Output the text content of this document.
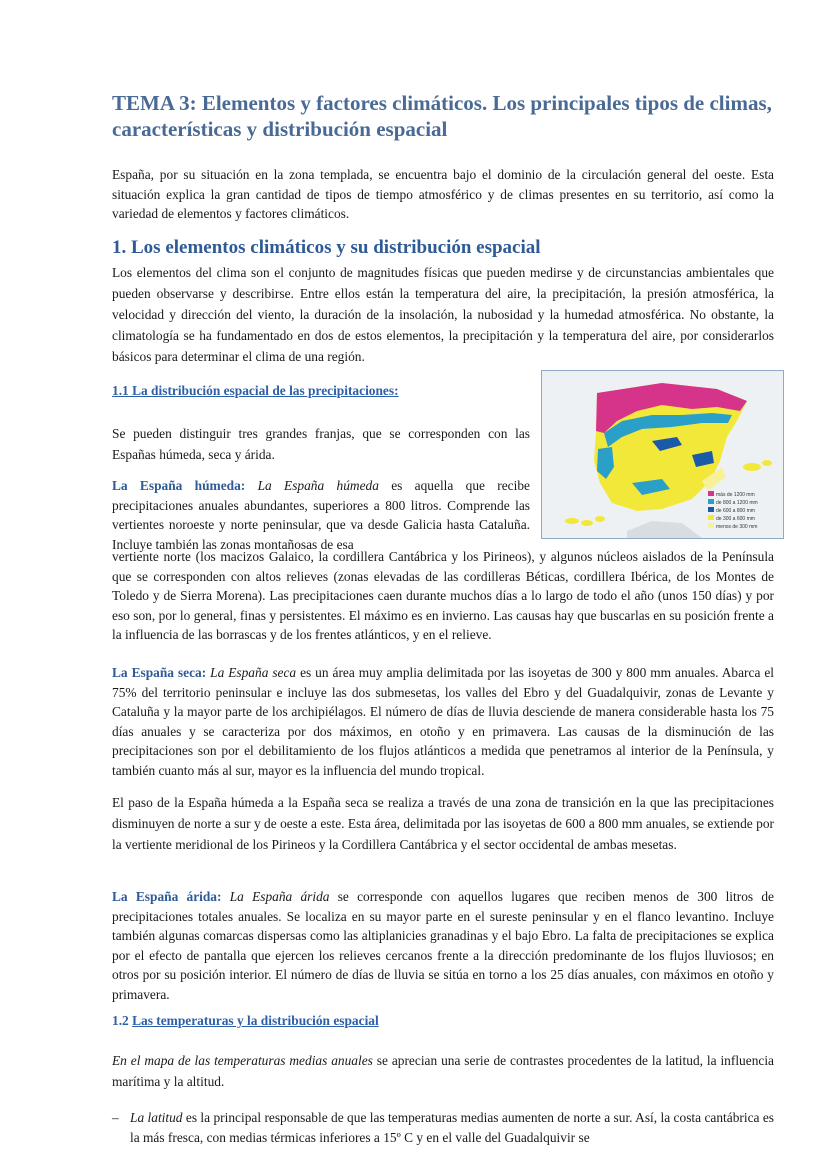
TEMA 3: Elementos y factores climáticos. Los principales tipos de climas, características y distribución espacial

España, por su situación en la zona templada, se encuentra bajo el dominio de la circulación general del oeste. Esta situación explica la gran cantidad de tipos de tiempo atmosférico y de climas presentes en su territorio, así como la variedad de elementos y factores climáticos.

1. Los elementos climáticos y su distribución espacial

Los elementos del clima son el conjunto de magnitudes físicas que pueden medirse y de circunstancias ambientales que pueden observarse y describirse. Entre ellos están la temperatura del aire, la precipitación, la presión atmosférica, la velocidad y dirección del viento, la duración de la insolación, la nubosidad y la humedad atmosférica. No obstante, la climatología se ha fundamentado en dos de estos elementos, la precipitación y la temperatura del aire, por considerarlos básicos para determinar el clima de una región.

1.1 La distribución espacial de las precipitaciones:

Se pueden distinguir tres grandes franjas, que se corresponden con las Españas húmeda, seca y árida.

La España húmeda: La España húmeda es aquella que recibe precipitaciones anuales abundantes, superiores a 800 litros. Comprende las vertientes noroeste y norte peninsular, que va desde Galicia hasta Cataluña. Incluye también las zonas montañosas de esa

vertiente norte (los macizos Galaico, la cordillera Cantábrica y los Pirineos), y algunos núcleos aislados de la Península que se corresponden con altos relieves (zonas elevadas de las cordilleras Béticas, cordillera Ibérica, de los Montes de Toledo y de Sierra Morena). Las precipitaciones caen durante muchos días a lo largo de todo el año (unos 150 días) y por eso son, por lo general, finas y persistentes. El máximo es en invierno. Las causas hay que buscarlas en su posición frente a la influencia de las borrascas y de los frentes atlánticos, y en el relieve.

más de 1200 mm
de 800 a 1200 mm
de 600 a 800 mm
de 300 a 600 mm
menos de 300 mm

La España seca: La España seca es un área muy amplia delimitada por las isoyetas de 300 y 800 mm anuales. Abarca el 75% del territorio peninsular e incluye las dos submesetas, los valles del Ebro y del Guadalquivir, zonas de Levante y Cataluña y la mayor parte de los archipiélagos. El número de días de lluvia desciende de manera considerable hasta los 75 días anuales y se caracteriza por dos máximos, en otoño y en primavera. Las causas de la disminución de las precipitaciones son por el debilitamiento de los flujos atlánticos a medida que penetramos al interior de la Península, y también cuanto más al sur, mayor es la influencia del mundo tropical.

El paso de la España húmeda a la España seca se realiza a través de una zona de transición en la que las precipitaciones disminuyen de norte a sur y de oeste a este. Esta área, delimitada por las isoyetas de 600 a 800 mm anuales, se extiende por la vertiente meridional de los Pirineos y la Cordillera Cantábrica y el sector occidental de ambas mesetas.

La España árida: La España árida se corresponde con aquellos lugares que reciben menos de 300 litros de precipitaciones totales anuales. Se localiza en su mayor parte en el sureste peninsular y en el flanco levantino. Incluye también algunas comarcas dispersas como las altiplanicies granadinas y el bajo Ebro. La falta de precipitaciones se explica por el efecto de pantalla que ejercen los relieves cercanos frente a la dirección predominante de los flujos lluviosos; en otros por su posición interior. El número de días de lluvia se sitúa en torno a los 25 días anuales, con máximos en otoño y primavera.

1.2 Las temperaturas y la distribución espacial

En el mapa de las temperaturas medias anuales se aprecian una serie de contrastes procedentes de la latitud, la influencia marítima y la altitud.

– La latitud es la principal responsable de que las temperaturas medias aumenten de norte a sur. Así, la costa cantábrica es la más fresca, con medias térmicas inferiores a 15º C y en el valle del Guadalquivir se
